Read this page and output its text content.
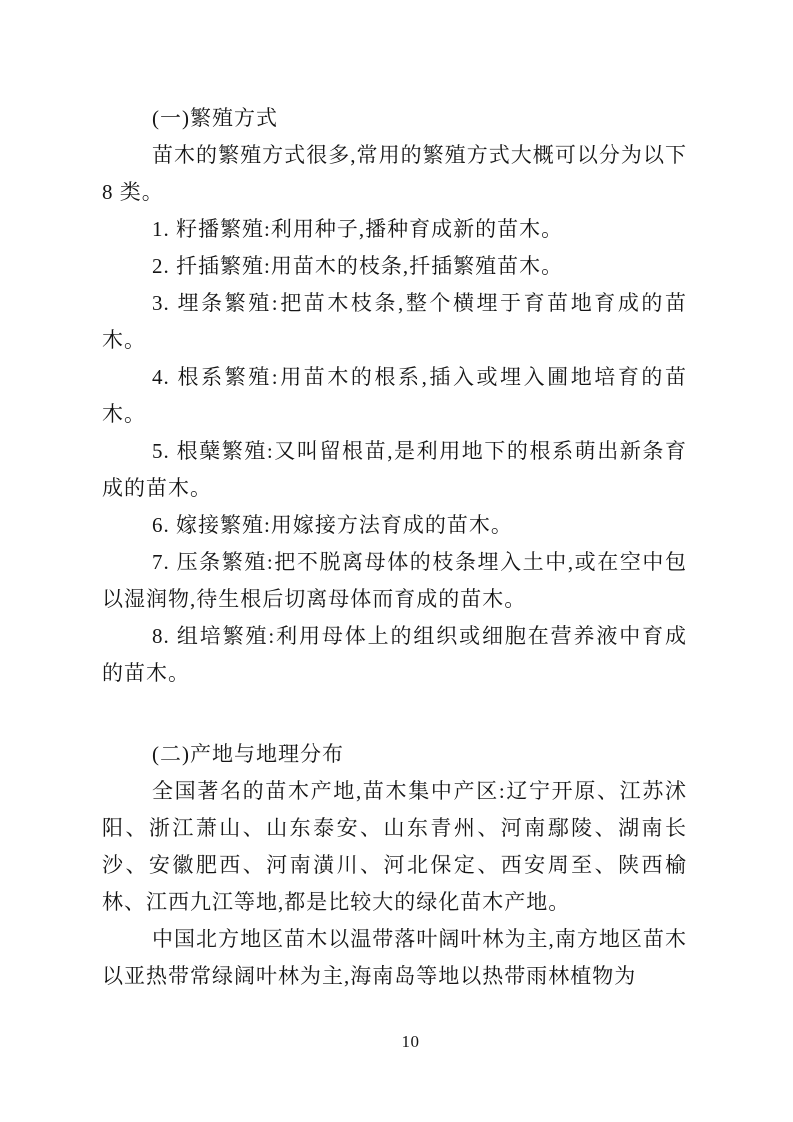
(一)繁殖方式

苗木的繁殖方式很多,常用的繁殖方式大概可以分为以下 8 类。

1. 籽播繁殖:利用种子,播种育成新的苗木。

2. 扦插繁殖:用苗木的枝条,扦插繁殖苗木。

3. 埋条繁殖:把苗木枝条,整个横埋于育苗地育成的苗木。

4. 根系繁殖:用苗木的根系,插入或埋入圃地培育的苗木。

5. 根蘖繁殖:又叫留根苗,是利用地下的根系萌出新条育成的苗木。

6. 嫁接繁殖:用嫁接方法育成的苗木。

7. 压条繁殖:把不脱离母体的枝条埋入土中,或在空中包以湿润物,待生根后切离母体而育成的苗木。

8. 组培繁殖:利用母体上的组织或细胞在营养液中育成的苗木。

(二)产地与地理分布

全国著名的苗木产地,苗木集中产区:辽宁开原、江苏沭阳、浙江萧山、山东泰安、山东青州、河南鄢陵、湖南长沙、安徽肥西、河南潢川、河北保定、西安周至、陕西榆林、江西九江等地,都是比较大的绿化苗木产地。

中国北方地区苗木以温带落叶阔叶林为主,南方地区苗木以亚热带常绿阔叶林为主,海南岛等地以热带雨林植物为

10
